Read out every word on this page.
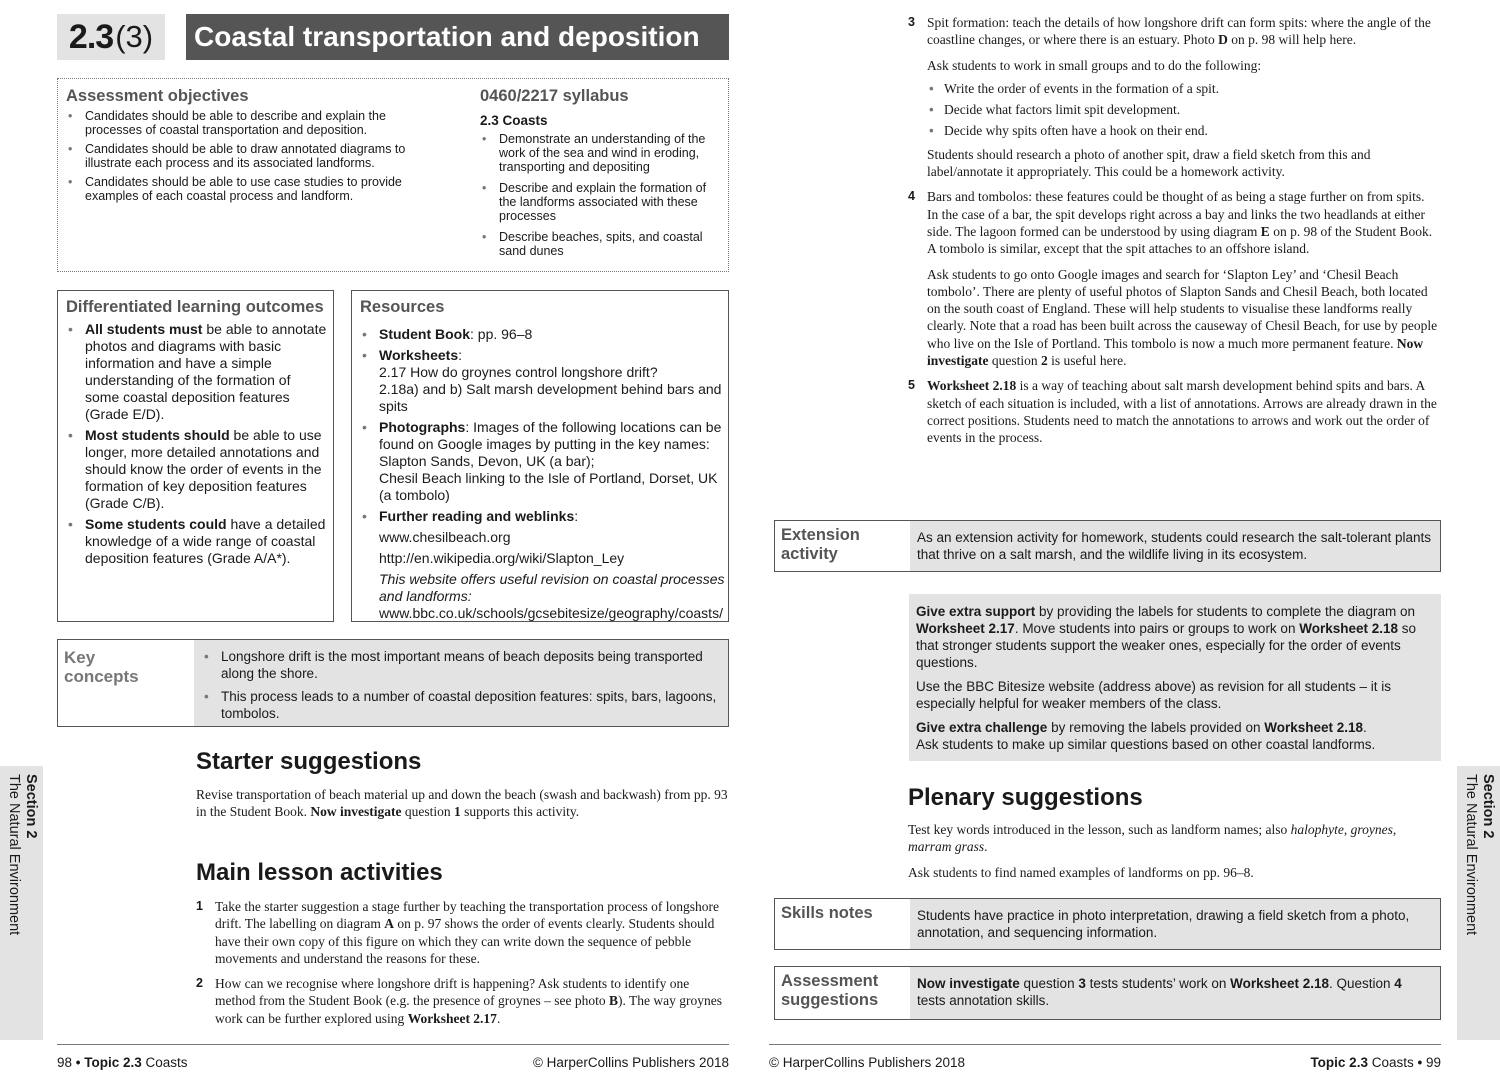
2.3 (3) Coastal transportation and deposition
Assessment objectives
• Candidates should be able to describe and explain the processes of coastal transportation and deposition.
• Candidates should be able to draw annotated diagrams to illustrate each process and its associated landforms.
• Candidates should be able to use case studies to provide examples of each coastal process and landform.
0460/2217 syllabus
2.3 Coasts
• Demonstrate an understanding of the work of the sea and wind in eroding, transporting and depositing
• Describe and explain the formation of the landforms associated with these processes
• Describe beaches, spits, and coastal sand dunes
Differentiated learning outcomes
• All students must be able to annotate photos and diagrams with basic information and have a simple understanding of the formation of some coastal deposition features (Grade E/D).
• Most students should be able to use longer, more detailed annotations and should know the order of events in the formation of key deposition features (Grade C/B).
• Some students could have a detailed knowledge of a wide range of coastal deposition features (Grade A/A*).
Resources
• Student Book: pp. 96–8
• Worksheets:
2.17 How do groynes control longshore drift?
2.18a) and b) Salt marsh development behind bars and spits
• Photographs: Images of the following locations can be found on Google images by putting in the key names:
Slapton Sands, Devon, UK (a bar);
Chesil Beach linking to the Isle of Portland, Dorset, UK (a tombolo)
• Further reading and weblinks:
www.chesilbeach.org
http://en.wikipedia.org/wiki/Slapton_Ley
This website offers useful revision on coastal processes and landforms:
www.bbc.co.uk/schools/gcsebitesize/geography/coasts/
Key
concepts
• Longshore drift is the most important means of beach deposits being transported along the shore.
• This process leads to a number of coastal deposition features: spits, bars, lagoons, tombolos.
Starter suggestions
Revise transportation of beach material up and down the beach (swash and backwash) from pp. 93 in the Student Book. Now investigate question 1 supports this activity.
Main lesson activities
1 Take the starter suggestion a stage further by teaching the transportation process of longshore drift. The labelling on diagram A on p. 97 shows the order of events clearly. Students should have their own copy of this figure on which they can write down the sequence of pebble movements and understand the reasons for these.
2 How can we recognise where longshore drift is happening? Ask students to identify one method from the Student Book (e.g. the presence of groynes – see photo B). The way groynes work can be further explored using Worksheet 2.17.
Section 2
The Natural Environment
98 • Topic 2.3 Coasts	© HarperCollins Publishers 2018
3 Spit formation: teach the details of how longshore drift can form spits: where the angle of the coastline changes, or where there is an estuary. Photo D on p. 98 will help here.
Ask students to work in small groups and to do the following:
• Write the order of events in the formation of a spit.
• Decide what factors limit spit development.
• Decide why spits often have a hook on their end.
Students should research a photo of another spit, draw a field sketch from this and label/annotate it appropriately. This could be a homework activity.
4 Bars and tombolos: these features could be thought of as being a stage further on from spits. In the case of a bar, the spit develops right across a bay and links the two headlands at either side. The lagoon formed can be understood by using diagram E on p. 98 of the Student Book. A tombolo is similar, except that the spit attaches to an offshore island.
Ask students to go onto Google images and search for ‘Slapton Ley’ and ‘Chesil Beach tombolo’. There are plenty of useful photos of Slapton Sands and Chesil Beach, both located on the south coast of England. These will help students to visualise these landforms really clearly. Note that a road has been built across the causeway of Chesil Beach, for use by people who live on the Isle of Portland. This tombolo is now a much more permanent feature. Now investigate question 2 is useful here.
5 Worksheet 2.18 is a way of teaching about salt marsh development behind spits and bars. A sketch of each situation is included, with a list of annotations. Arrows are already drawn in the correct positions. Students need to match the annotations to arrows and work out the order of events in the process.
Extension
activity
As an extension activity for homework, students could research the salt-tolerant plants that thrive on a salt marsh, and the wildlife living in its ecosystem.
Give extra support by providing the labels for students to complete the diagram on Worksheet 2.17. Move students into pairs or groups to work on Worksheet 2.18 so that stronger students support the weaker ones, especially for the order of events questions.
Use the BBC Bitesize website (address above) as revision for all students – it is especially helpful for weaker members of the class.
Give extra challenge by removing the labels provided on Worksheet 2.18.
Ask students to make up similar questions based on other coastal landforms.
Plenary suggestions
Test key words introduced in the lesson, such as landform names; also halophyte, groynes, marram grass.
Ask students to find named examples of landforms on pp. 96–8.
Skills notes	Students have practice in photo interpretation, drawing a field sketch from a photo, annotation, and sequencing information.
Assessment
suggestions
Now investigate question 3 tests students’ work on Worksheet 2.18. Question 4 tests annotation skills.
Section 2
The Natural Environment
© HarperCollins Publishers 2018	Topic 2.3 Coasts • 99
